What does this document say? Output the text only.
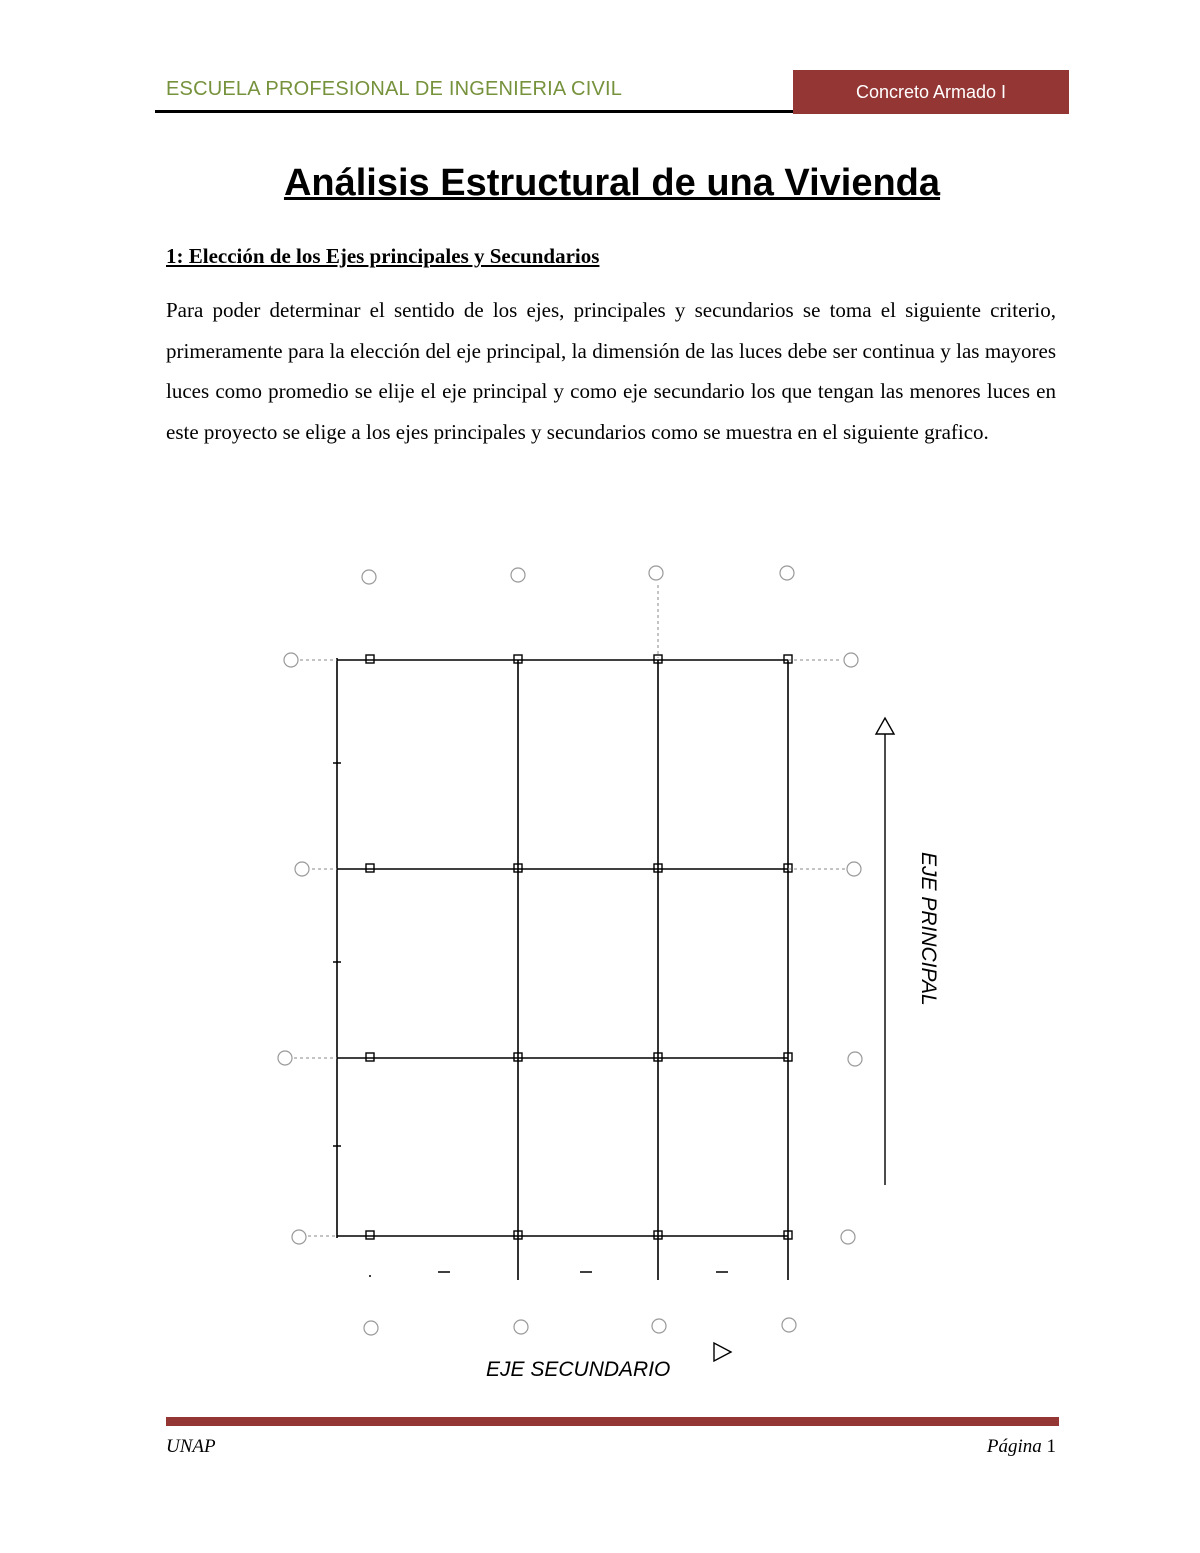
ESCUELA PROFESIONAL DE INGENIERIA CIVIL	Concreto Armado I
Análisis Estructural de una Vivienda
1: Elección de los Ejes principales y Secundarios
Para poder determinar el sentido de los ejes, principales y secundarios se toma el siguiente criterio, primeramente para la elección del eje principal, la dimensión de las luces debe ser continua y las mayores luces como promedio se elije el eje principal y como eje secundario los que tengan las menores luces en este proyecto se elige a los ejes principales y secundarios como se muestra en el siguiente grafico.
EJE PRINCIPAL
EJE SECUNDARIO
UNAP	Página 1
